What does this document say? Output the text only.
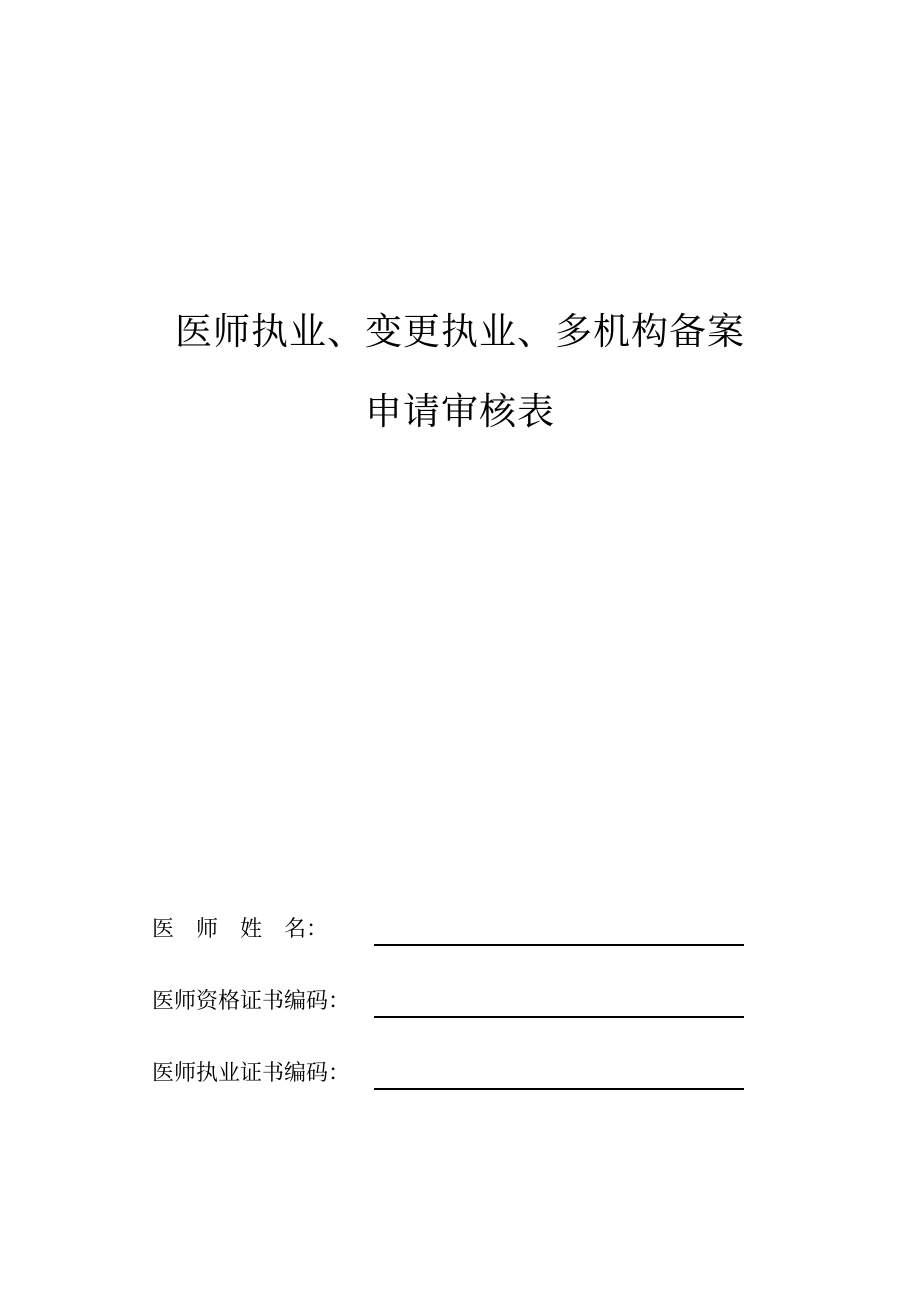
医师执业、变更执业、多机构备案
申请审核表
医　师　姓　名：
医师资格证书编码：
医师执业证书编码：
